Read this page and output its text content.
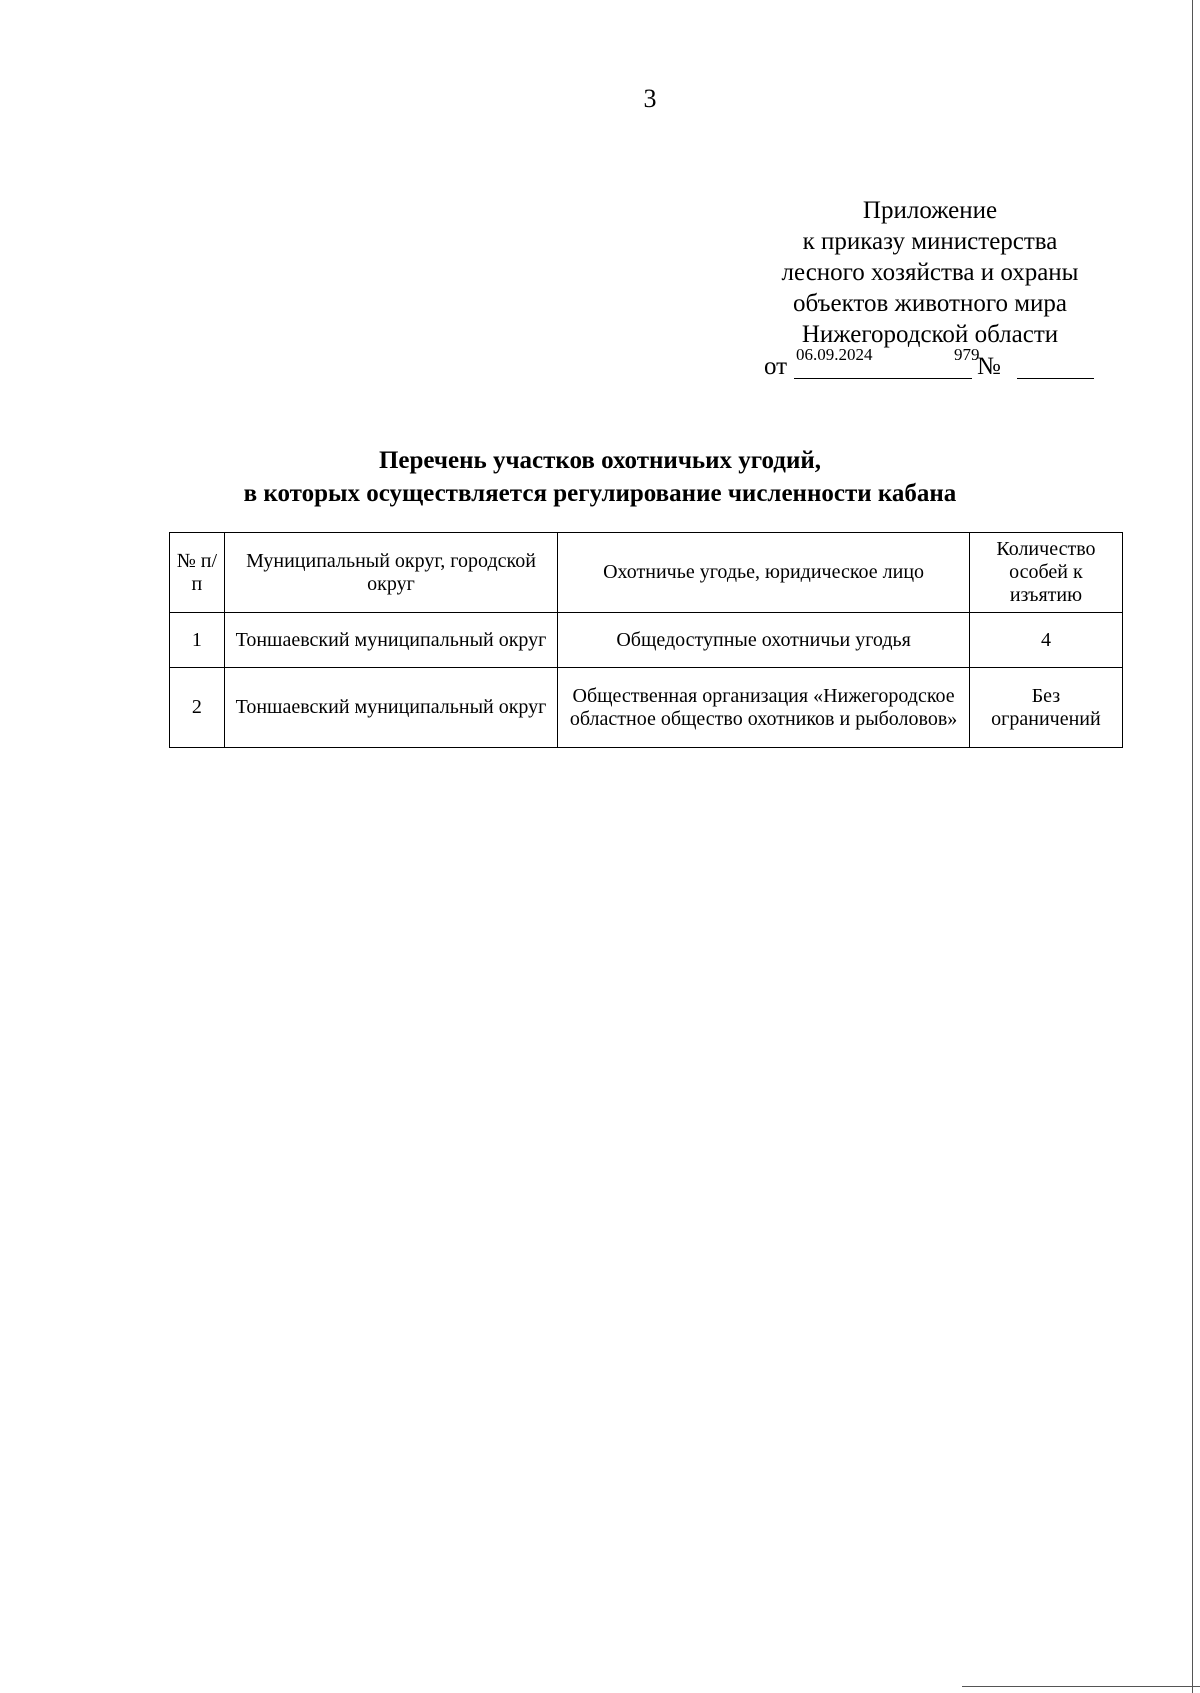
3
Приложение
к приказу министерства
лесного хозяйства и охраны
объектов животного мира
Нижегородской области
от 06.09.2024	979
№
Перечень участков охотничьих угодий,
в которых осуществляется регулирование численности кабана
№ п/п	Муниципальный округ, городской округ	Охотничье угодье, юридическое лицо	Количество особей к изъятию
1	Тоншаевский муниципальный округ	Общедоступные охотничьи угодья	4
2	Тоншаевский муниципальный округ	Общественная организация «Нижегородское областное общество охотников и рыболовов»	Без ограничений
